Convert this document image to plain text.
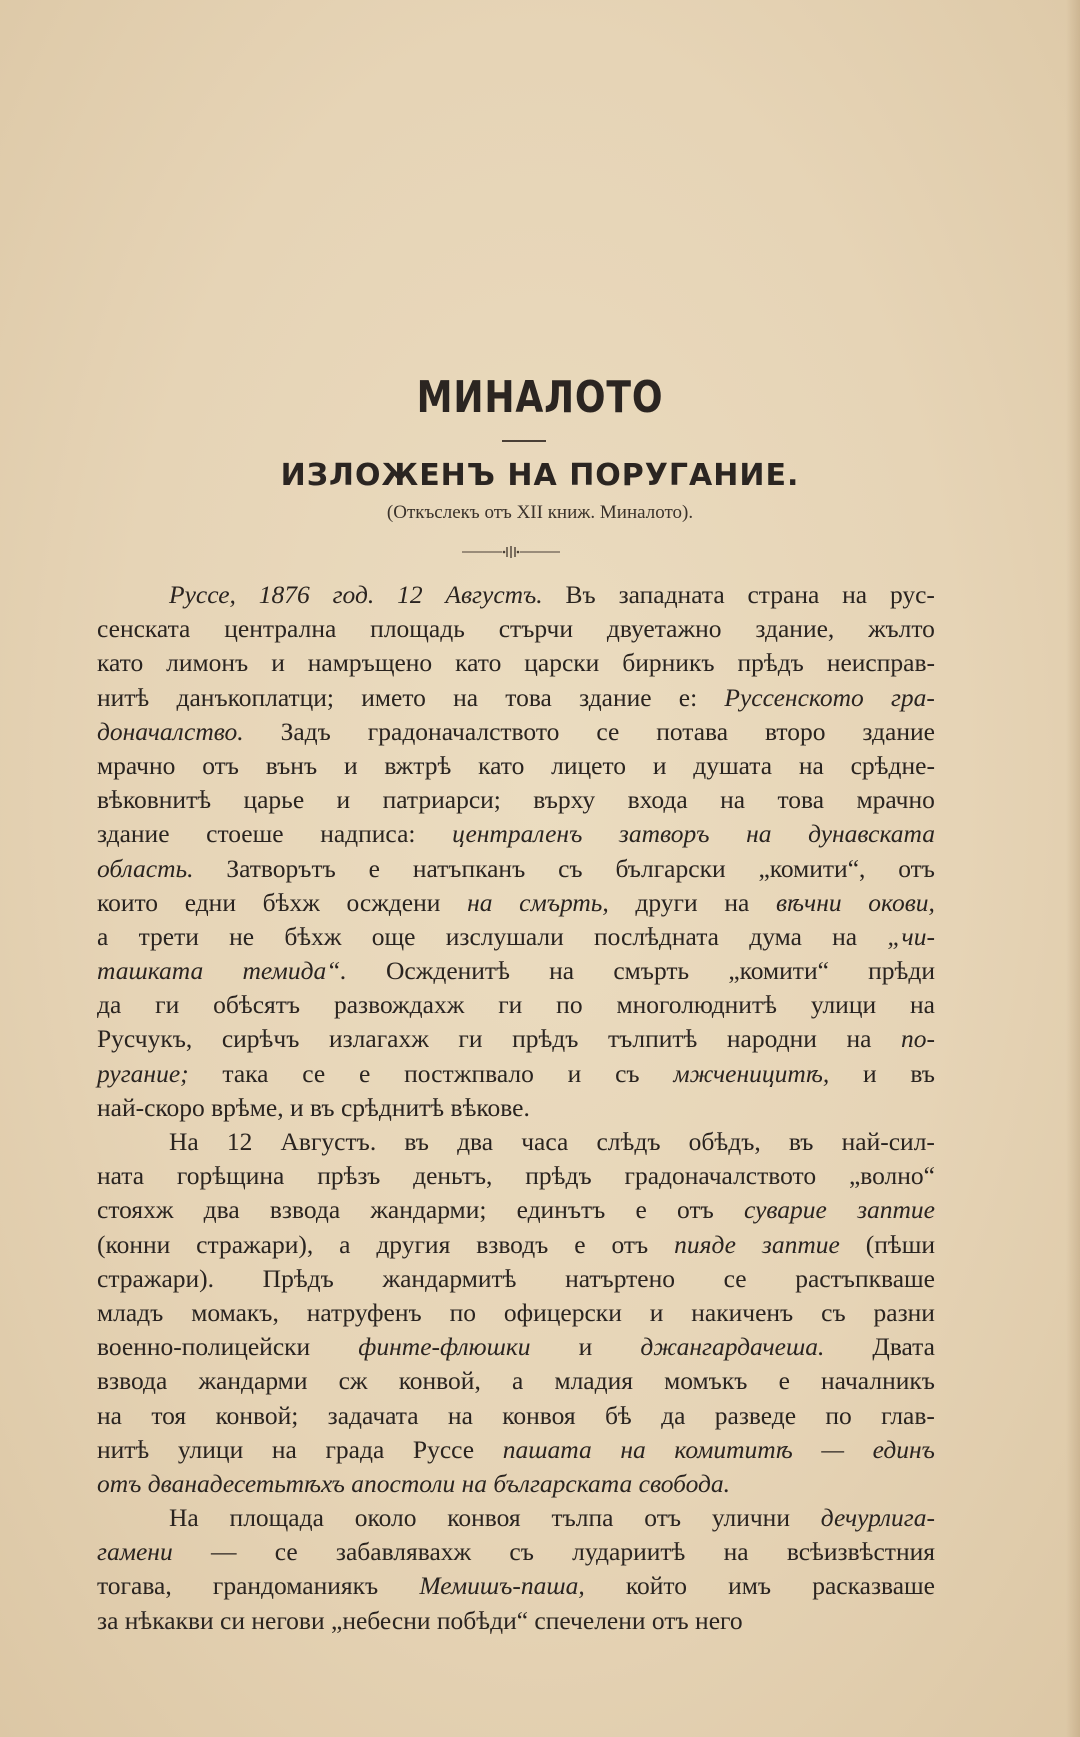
МИНАЛОТО
ИЗЛОЖЕНЪ НА ПОРУГАНИЕ.
(Откъслекъ отъ XII книж. Миналото).
Руссе, 1876 год. 12 Августъ. Въ западната страна на рус-
сенската централна площадь стърчи двуетажно здание, жълто
като лимонъ и намръщено като царски бирникъ прѣдъ неисправ-
нитѣ данъкоплатци; името на това здание е: Руссенското гра-
доначалство. Задъ градоначалството се потава второ здание
мрачно отъ вънъ и вжтрѣ като лицето и душата на срѣдне-
вѣковнитѣ царье и патриарси; върху входа на това мрачно
здание стоеше надписа: централенъ затворъ на дунавската
область. Затворътъ е натъпканъ съ български „комити“, отъ
които едни бѣхж осждени на смърть, други на вѣчни окови,
а трети не бѣхж още изслушали послѣдната дума на „чи-
ташката темида“. Осжденитѣ на смърть „комити“ прѣди
да ги обѣсятъ развождахж ги по многолюднитѣ улици на
Русчукъ, сирѣчъ излагахж ги прѣдъ тълпитѣ народни на по-
ругание; така се е постжпвало и съ мжченицитѣ, и въ
най-скоро
врѣме,
и
въ
срѣднитѣ
вѣкове.
На 12 Августъ. въ два часа слѣдъ обѣдъ, въ най-сил-
ната горѣщина прѣзъ деньтъ, прѣдъ градоначалството „волно“
стояхж два взвода жандарми; единътъ е отъ суварие заптие
(конни стражари), а другия взводъ е отъ пияде заптие (пѣши
стражари). Прѣдъ жандармитѣ натъртено се растъпкваше
младъ момакъ, натруфенъ по офицерски и накиченъ съ разни
военно-полицейски финте-флюшки и джангардачеша. Двата
взвода жандарми сж конвой, а младия момъкъ е началникъ
на тоя конвой; задачата на конвоя бѣ да разведе по глав-
нитѣ улици на града Руссе пашата на комититѣ — единъ
отъ
дванадесетьтѣхъ
апостоли
на
българската
свобода.
На площада около конвоя тълпа отъ улични дечурлига-
гамени — се забавлявахж съ лудариитѣ на всѣизвѣстния
тогава, грандоманиякъ Мемишъ-паша, който имъ расказваше
за
нѣкакви
си
негови
„небесни
побѣди“
спечелени
отъ
него
